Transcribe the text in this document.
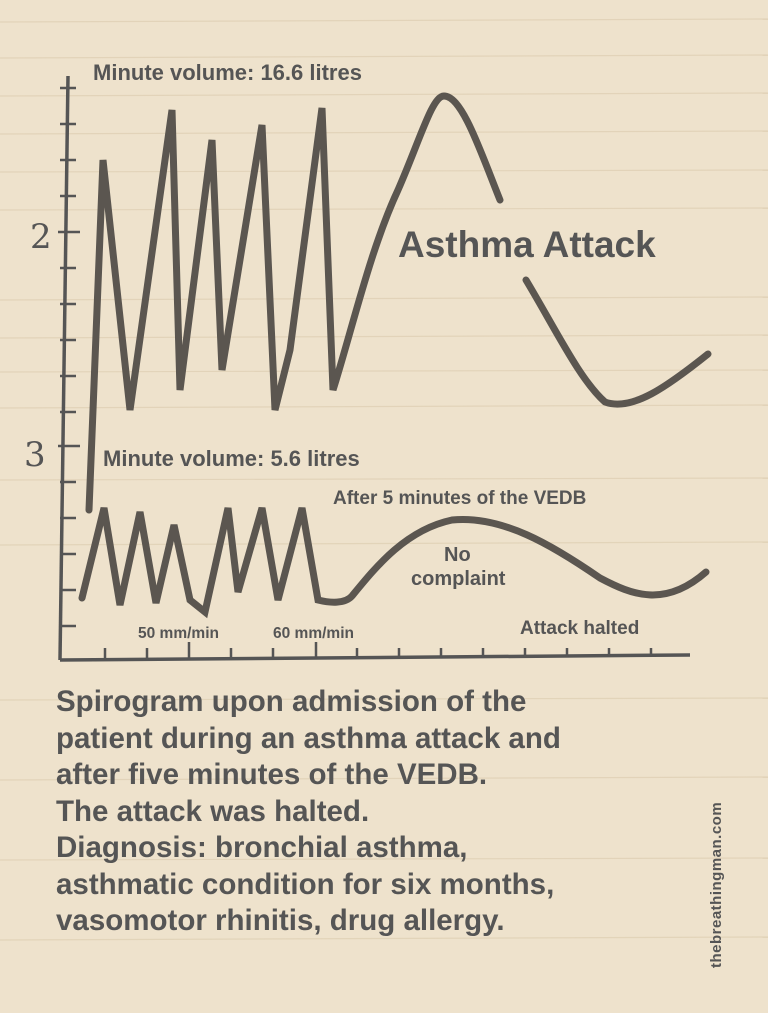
2
3
Minute volume: 16.6 litres
Asthma Attack
Minute volume: 5.6 litres
After 5 minutes of the VEDB
No
complaint
50 mm/min	60 mm/min	Attack halted
Spirogram upon admission of the
patient during an asthma attack and
after five minutes of the VEDB.
The attack was halted.
Diagnosis: bronchial asthma,
asthmatic condition for six months,
vasomotor rhinitis, drug allergy.	thebreathingman.com
